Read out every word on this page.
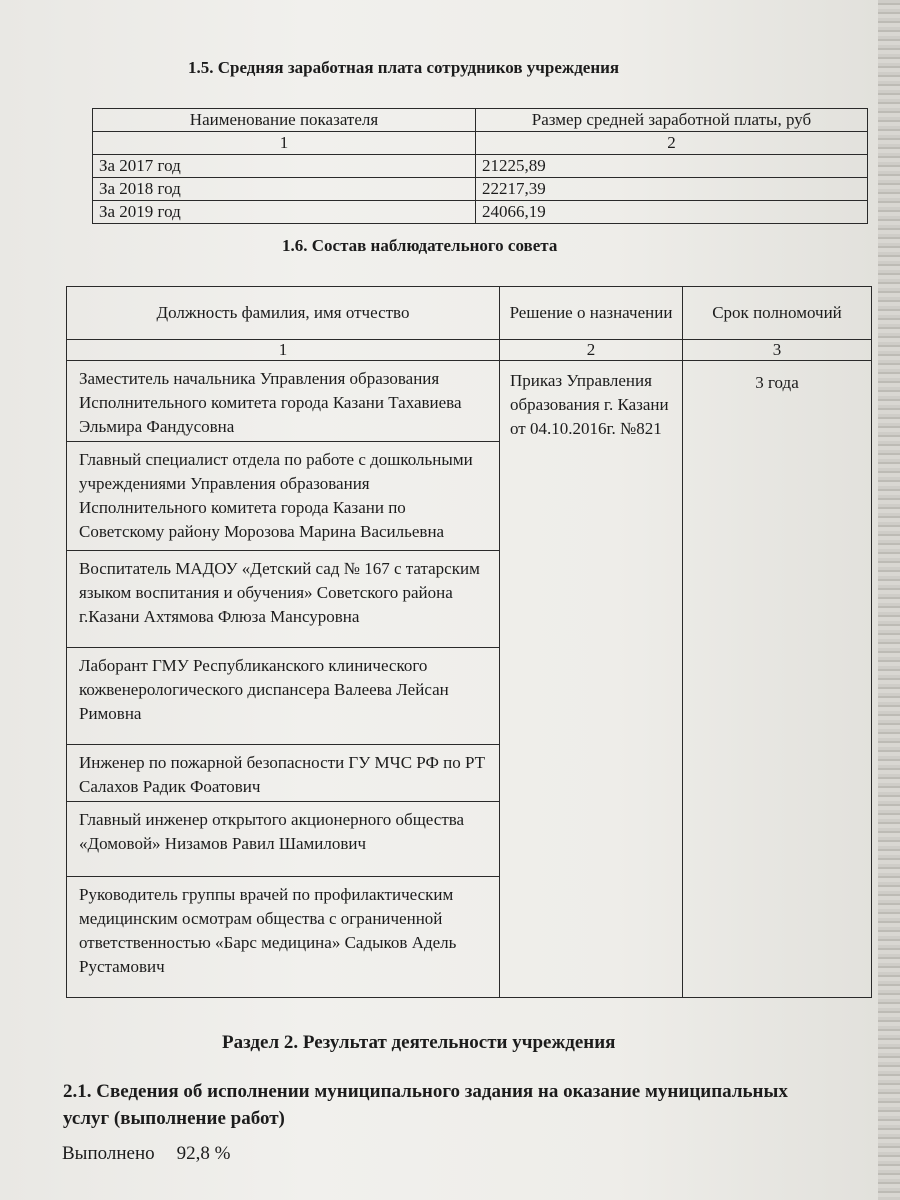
1.5. Средняя заработная плата сотрудников учреждения
Наименование показателя	Размер средней заработной платы, руб
1	2
За 2017 год	21225,89
За 2018 год	22217,39
За 2019 год	24066,19
1.6. Состав наблюдательного совета
Должность фамилия, имя отчество	Решение о назначении	Срок полномочий
1	2	3
Заместитель начальника Управления образования Исполнительного комитета города Казани Тахавиева Эльмира Фандусовна	Приказ Управления образования г. Казани от 04.10.2016г. №821	3 года
Главный специалист отдела по работе с дошкольными учреждениями Управления образования Исполнительного комитета города Казани по Советскому району Морозова Марина Васильевна		
Воспитатель МАДОУ «Детский сад № 167 с татарским языком воспитания и обучения» Советского района г.Казани Ахтямова Флюза Мансуровна		
Лаборант ГМУ Республиканского клинического кожвенерологического диспансера Валеева Лейсан Римовна		
Инженер по пожарной безопасности ГУ МЧС РФ по РТ Салахов Радик Фоатович		
Главный инженер открытого акционерного общества «Домовой» Низамов Равил Шамилович		
Руководитель группы врачей по профилактическим медицинским осмотрам общества с ограниченной ответственностью «Барс медицина» Садыков Адель Рустамович		
Раздел 2. Результат деятельности учреждения
2.1. Сведения об исполнении муниципального задания на оказание муниципальных услуг (выполнение работ)
Выполнено 92,8 %
